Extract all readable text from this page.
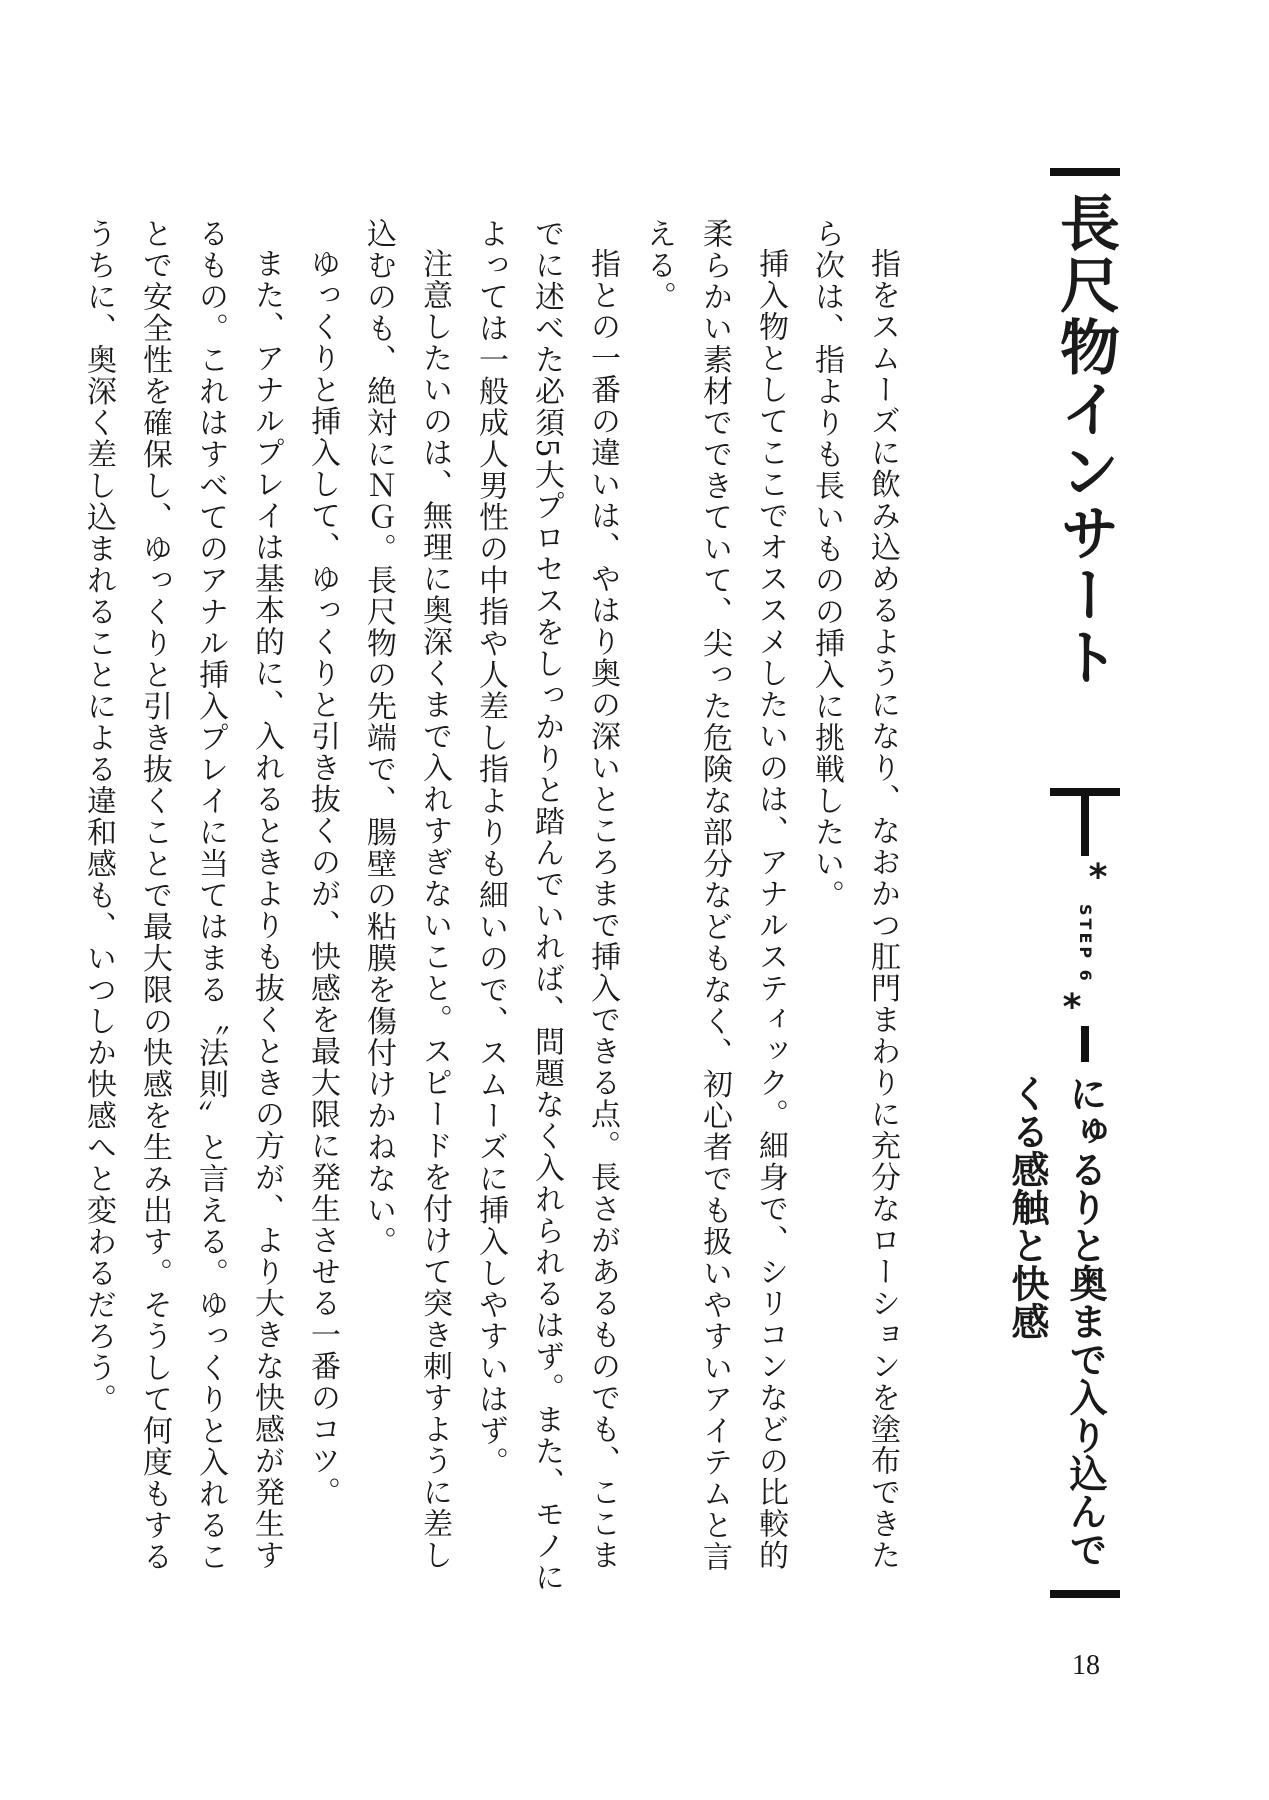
長尺物インサート
*
STEP 6
*
にゅるりと奥まで入り込んでくる感触と快感

指をスムーズに飲み込めるようになり、なおかつ肛門まわりに充分なローションを塗布できたら次は、指よりも長いものの挿入に挑戦したい。

挿入物としてここでオススメしたいのは、アナルスティック。細身で、シリコンなどの比較的柔らかい素材でできていて、尖った危険な部分などもなく、初心者でも扱いやすいアイテムと言える。

指との一番の違いは、やはり奥の深いところまで挿入できる点。長さがあるものでも、ここまでに述べた必須5大プロセスをしっかりと踏んでいれば、問題なく入れられるはず。また、モノによっては一般成人男性の中指や人差し指よりも細いので、スムーズに挿入しやすいはず。

注意したいのは、無理に奥深くまで入れすぎないこと。スピードを付けて突き刺すように差し込むのも、絶対にＮＧ。長尺物の先端で、腸壁の粘膜を傷付けかねない。

ゆっくりと挿入して、ゆっくりと引き抜くのが、快感を最大限に発生させる一番のコツ。

また、アナルプレイは基本的に、入れるときよりも抜くときの方が、より大きな快感が発生するもの。これはすべてのアナル挿入プレイに当てはまる〝法則〟と言える。ゆっくりと入れることで安全性を確保し、ゆっくりと引き抜くことで最大限の快感を生み出す。そうして何度もするうちに、奥深く差し込まれることによる違和感も、いつしか快感へと変わるだろう。

18
